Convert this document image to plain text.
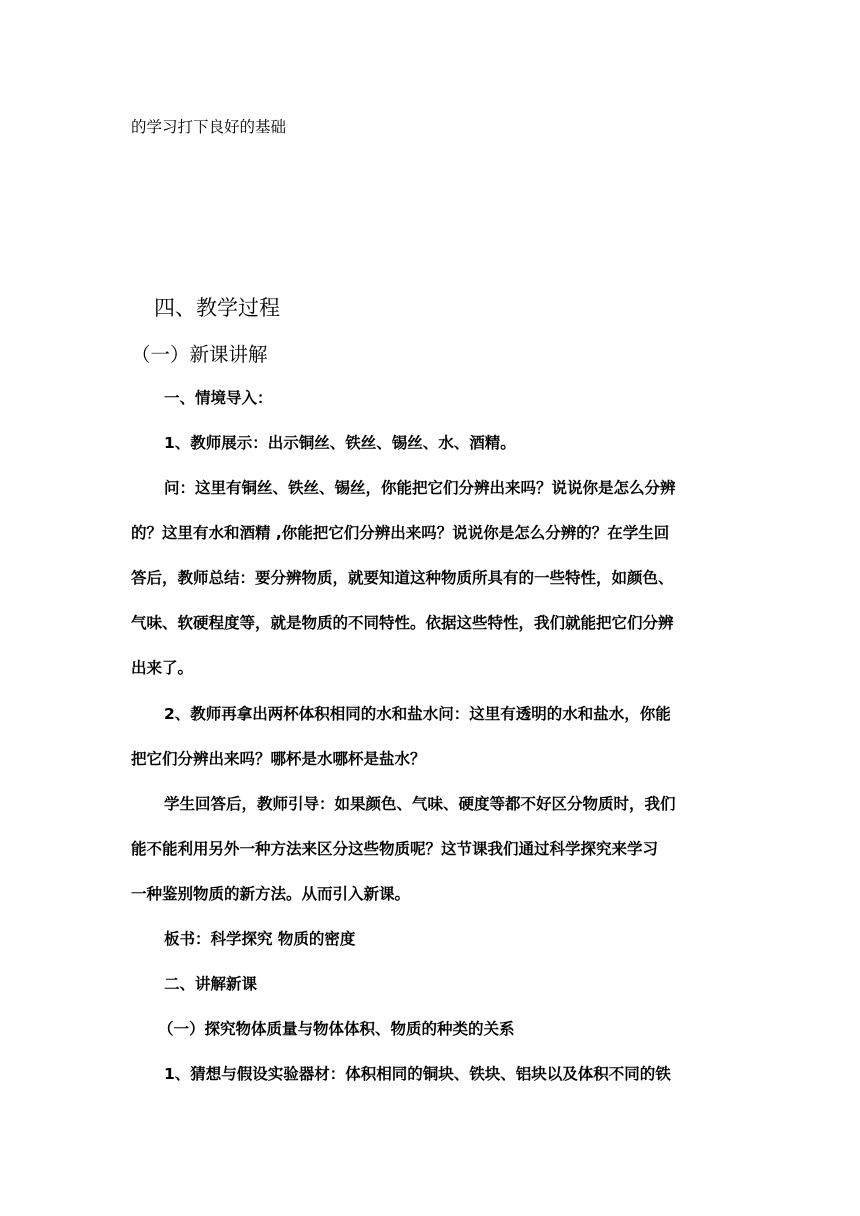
的学习打下良好的基础
四、教学过程
（一）新课讲解
一、情境导入：
1、教师展示：出示铜丝、铁丝、锡丝、水、酒精。
问：这里有铜丝、铁丝、锡丝，你能把它们分辨出来吗？说说你是怎么分辨
的？这里有水和酒精 ,你能把它们分辨出来吗？说说你是怎么分辨的？在学生回
答后，教师总结：要分辨物质，就要知道这种物质所具有的一些特性，如颜色、
气味、软硬程度等，就是物质的不同特性。依据这些特性，我们就能把它们分辨
出来了。
2、教师再拿出两杯体积相同的水和盐水问：这里有透明的水和盐水，你能
把它们分辨出来吗？哪杯是水哪杯是盐水？
学生回答后，教师引导：如果颜色、气味、硬度等都不好区分物质时，我们
能不能利用另外一种方法来区分这些物质呢？这节课我们通过科学探究来学习
一种鉴别物质的新方法。从而引入新课。
板书：科学探究 物质的密度
二、讲解新课
（一）探究物体质量与物体体积、物质的种类的关系
1、猜想与假设实验器材：体积相同的铜块、铁块、铝块以及体积不同的铁
